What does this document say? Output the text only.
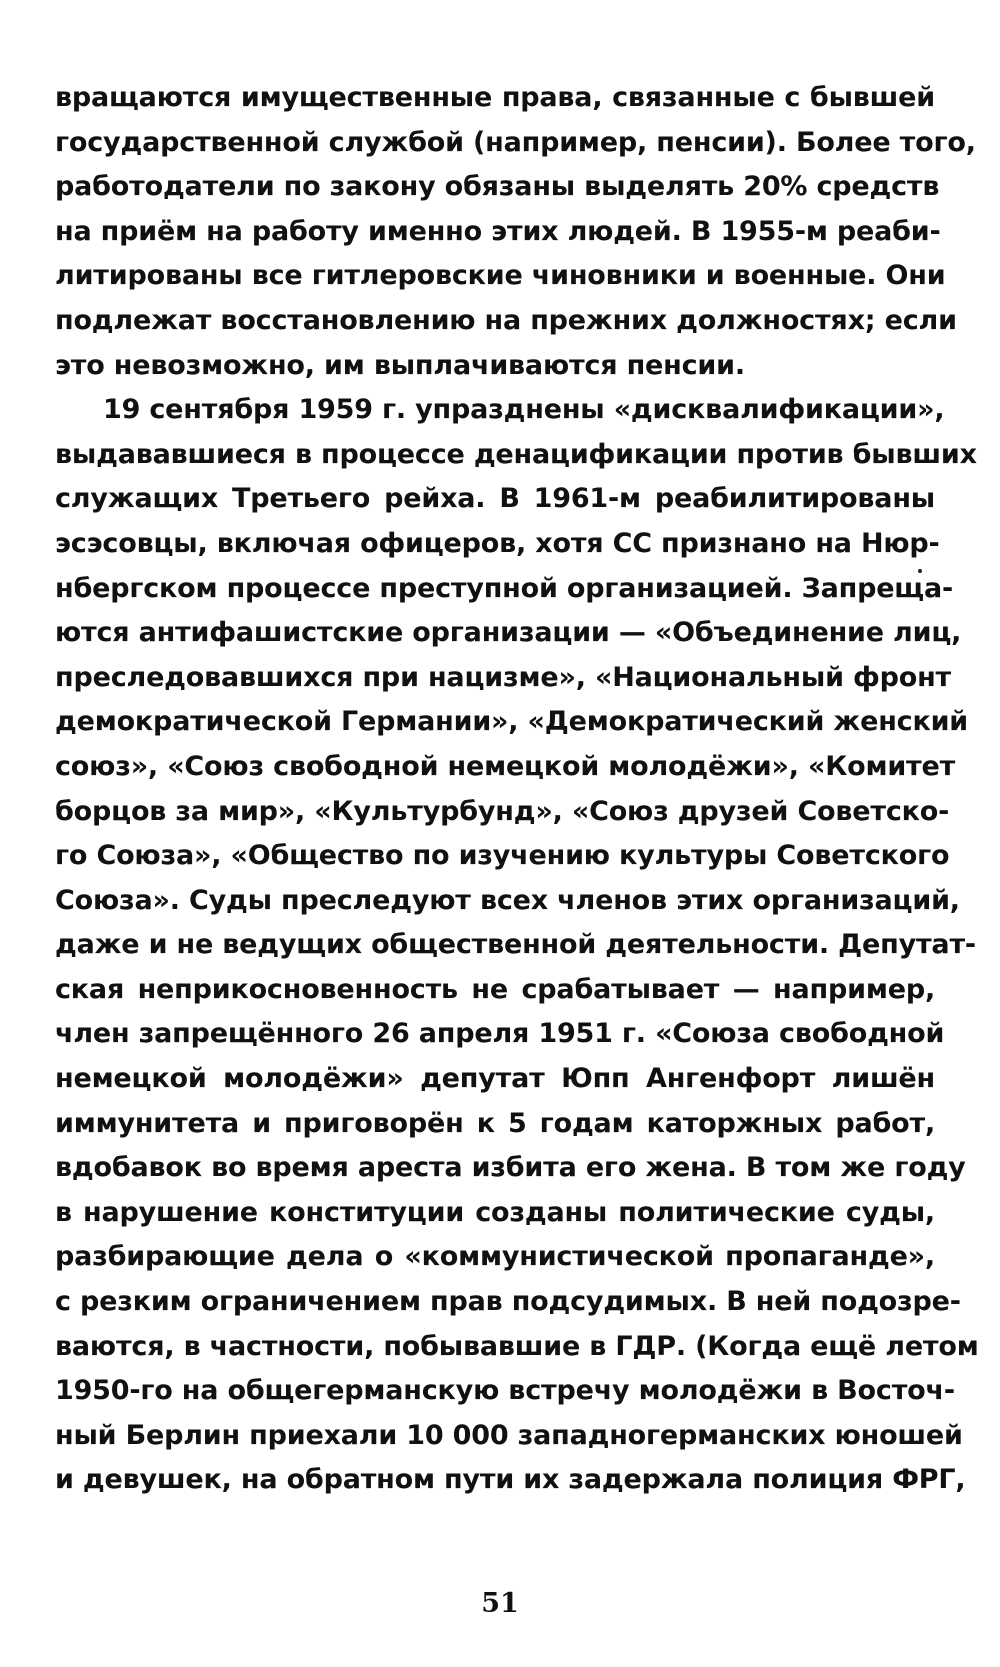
вращаются имущественные права, связанные с бывшей
государственной службой (например, пенсии). Более того,
работодатели по закону обязаны выделять 20% средств
на приём на работу именно этих людей. В 1955-м реаби-
литированы все гитлеровские чиновники и военные. Они
подлежат восстановлению на прежних должностях; если
это невозможно, им выплачиваются пенсии.
19 сентября 1959 г. упразднены «дисквалификации»,
выдававшиеся в процессе денацификации против бывших
служащих Третьего рейха. В 1961-м реабилитированы
эсэсовцы, включая офицеров, хотя СС признано на Нюр-
нбергском процессе преступной организацией. Запреща-
ются антифашистские организации — «Объединение лиц,
преследовавшихся при нацизме», «Национальный фронт
демократической Германии», «Демократический женский
союз», «Союз свободной немецкой молодёжи», «Комитет
борцов за мир», «Культурбунд», «Союз друзей Советско-
го Союза», «Общество по изучению культуры Советского
Союза». Суды преследуют всех членов этих организаций,
даже и не ведущих общественной деятельности. Депутат-
ская неприкосновенность не срабатывает — например,
член запрещённого 26 апреля 1951 г. «Союза свободной
немецкой молодёжи» депутат Юпп Ангенфорт лишён
иммунитета и приговорён к 5 годам каторжных работ,
вдобавок во время ареста избита его жена. В том же году
в нарушение конституции созданы политические суды,
разбирающие дела о «коммунистической пропаганде»,
с резким ограничением прав подсудимых. В ней подозре-
ваются, в частности, побывавшие в ГДР. (Когда ещё летом
1950-го на общегерманскую встречу молодёжи в Восточ-
ный Берлин приехали 10 000 западногерманских юношей
и девушек, на обратном пути их задержала полиция ФРГ,
51
